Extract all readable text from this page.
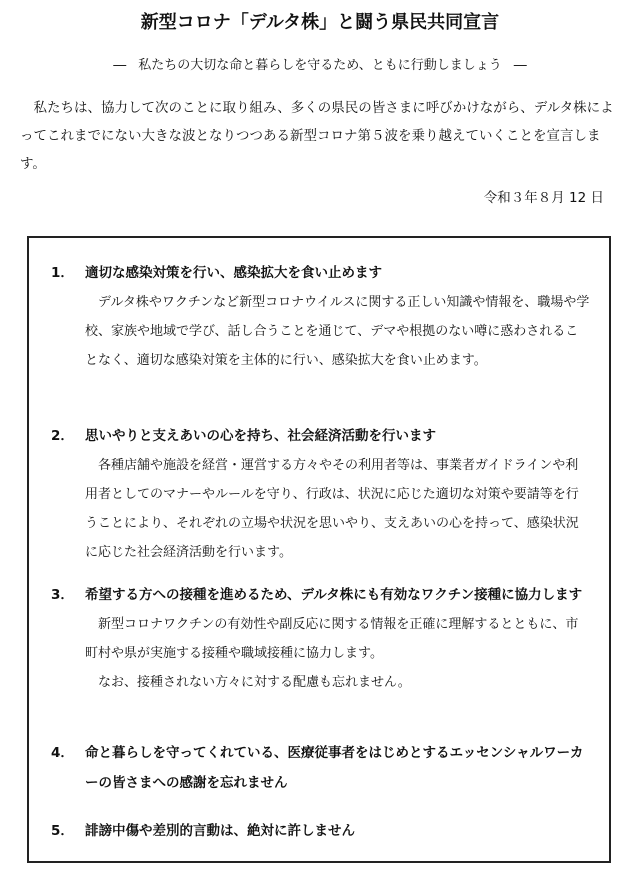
新型コロナ「デルタ株」と闘う県民共同宣言
― 私たちの大切な命と暮らしを守るため、ともに行動しましょう ―
私たちは、協力して次のことに取り組み、多くの県民の皆さまに呼びかけながら、デルタ株によってこれまでにない大きな波となりつつある新型コロナ第５波を乗り越えていくことを宣言します。
令和３年８月 12 日
1． 適切な感染対策を行い、感染拡大を食い止めます

デルタ株やワクチンなど新型コロナウイルスに関する正しい知識や情報を、職場や学校、家族や地域で学び、話し合うことを通じて、デマや根拠のない噂に惑わされることなく、適切な感染対策を主体的に行い、感染拡大を食い止めます。

2． 思いやりと支えあいの心を持ち、社会経済活動を行います

各種店舗や施設を経営・運営する方々やその利用者等は、事業者ガイドラインや利用者としてのマナーやルールを守り、行政は、状況に応じた適切な対策や要請等を行うことにより、それぞれの立場や状況を思いやり、支えあいの心を持って、感染状況に応じた社会経済活動を行います。

3． 希望する方への接種を進めるため、デルタ株にも有効なワクチン接種に協力します

新型コロナワクチンの有効性や副反応に関する情報を正確に理解するとともに、市町村や県が実施する接種や職域接種に協力します。

なお、接種されない方々に対する配慮も忘れません。

4． 命と暮らしを守ってくれている、医療従事者をはじめとするエッセンシャルワーカーの皆さまへの感謝を忘れません
5． 誹謗中傷や差別的言動は、絶対に許しません
